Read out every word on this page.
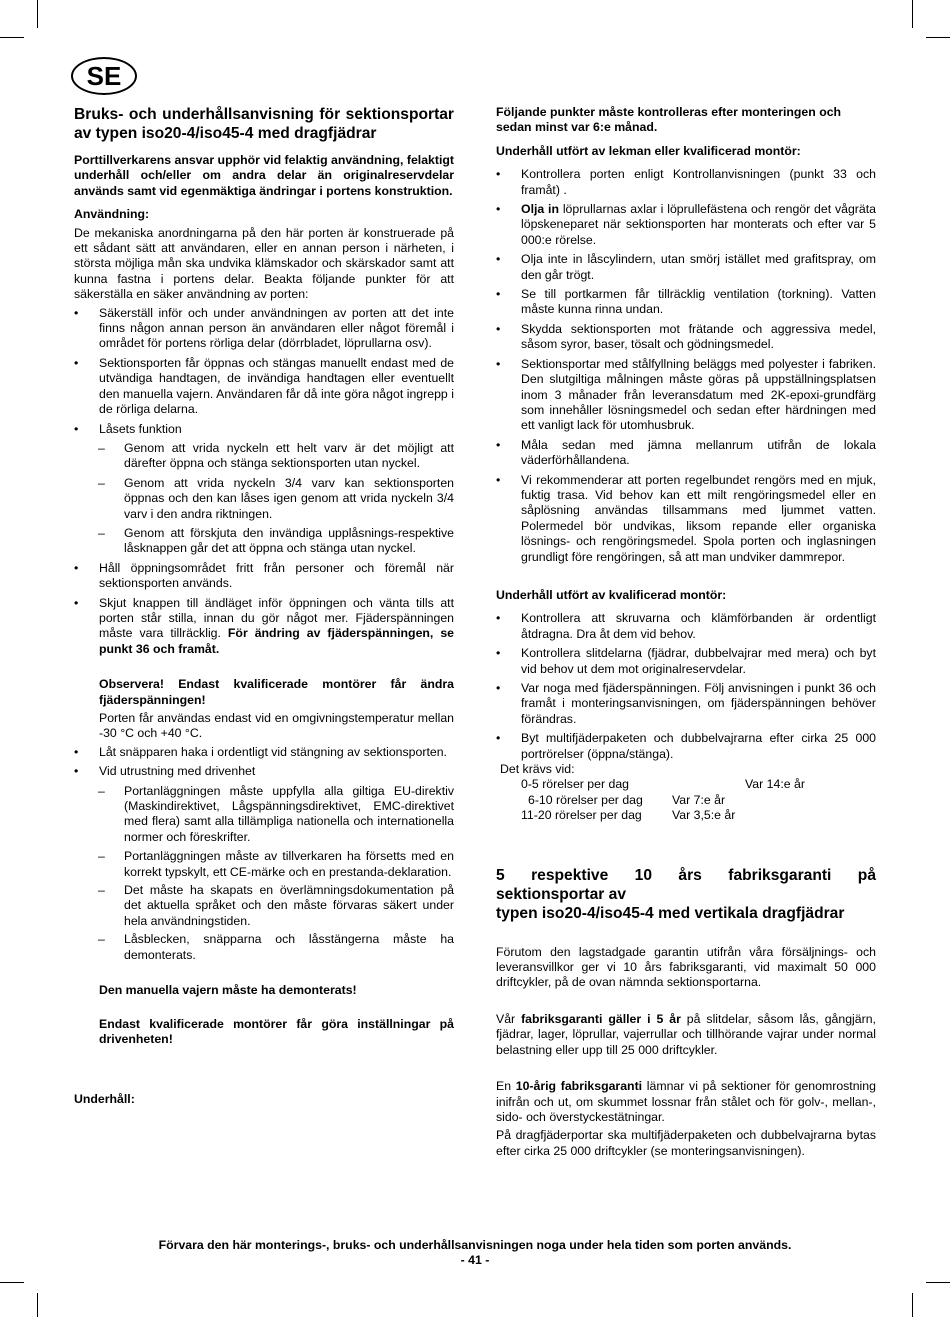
SE

Bruks- och underhållsanvisning för sektionsportar av typen iso20-4/iso45-4 med dragfjädrar

Porttillverkarens ansvar upphör vid felaktig användning, felaktigt underhåll och/eller om andra delar än originalreservdelar används samt vid egenmäktiga ändringar i portens konstruktion.

Användning:

De mekaniska anordningarna på den här porten är konstruerade på ett sådant sätt att användaren, eller en annan person i närheten, i största möjliga mån ska undvika klämskador och skärskador samt att kunna fastna i portens delar. Beakta följande punkter för att säkerställa en säker användning av porten:

• Säkerställ inför och under användningen av porten att det inte finns någon annan person än användaren eller något föremål i området för portens rörliga delar (dörrbladet, löprullarna osv).

• Sektionsporten får öppnas och stängas manuellt endast med de utvändiga handtagen, de invändiga handtagen eller eventuellt den manuella vajern. Användaren får då inte göra något ingrepp i de rörliga delarna.

• Låsets funktion

– Genom att vrida nyckeln ett helt varv är det möjligt att därefter öppna och stänga sektionsporten utan nyckel.

– Genom att vrida nyckeln 3/4 varv kan sektionsporten öppnas och den kan låses igen genom att vrida nyckeln 3/4 varv i den andra riktningen.

– Genom att förskjuta den invändiga upplåsnings-respektive låsknappen går det att öppna och stänga utan nyckel.

• Håll öppningsområdet fritt från personer och föremål när sektionsporten används.

• Skjut knappen till ändläget inför öppningen och vänta tills att porten står stilla, innan du gör något mer. Fjäderspänningen måste vara tillräcklig. För ändring av fjäderspänningen, se punkt 36 och framåt.

Observera! Endast kvalificerade montörer får ändra fjäderspänningen!

Porten får användas endast vid en omgivningstemperatur mellan -30 °C och +40 °C.

• Låt snäpparen haka i ordentligt vid stängning av sektionsporten.

• Vid utrustning med drivenhet

– Portanläggningen måste uppfylla alla giltiga EU-direktiv (Maskindirektivet, Lågspänningsdirektivet, EMC-direktivet med flera) samt alla tillämpliga nationella och internationella normer och föreskrifter.

– Portanläggningen måste av tillverkaren ha försetts med en korrekt typskylt, ett CE-märke och en prestanda-deklaration.

– Det måste ha skapats en överlämningsdokumentation på det aktuella språket och den måste förvaras säkert under hela användningstiden.

– Låsblecken, snäpparna och låsstängerna måste ha demonterats.

Den manuella vajern måste ha demonterats!

Endast kvalificerade montörer får göra inställningar på drivenheten!

Underhåll:

Följande punkter måste kontrolleras efter monteringen och sedan minst var 6:e månad.

Underhåll utfört av lekman eller kvalificerad montör:

• Kontrollera porten enligt Kontrollanvisningen (punkt 33 och framåt) .

• Olja in löprullarnas axlar i löprullefästena och rengör det vågräta löpskeneparet när sektionsporten har monterats och efter var 5 000:e rörelse.

• Olja inte in låscylindern, utan smörj istället med grafitspray, om den går trögt.

• Se till portkarmen får tillräcklig ventilation (torkning). Vatten måste kunna rinna undan.

• Skydda sektionsporten mot frätande och aggressiva medel, såsom syror, baser, tösalt och gödningsmedel.

• Sektionsportar med stålfyllning beläggs med polyester i fabriken. Den slutgiltiga målningen måste göras på uppställningsplatsen inom 3 månader från leveransdatum med 2K-epoxi-grundfärg som innehåller lösningsmedel och sedan efter härdningen med ett vanligt lack för utomhusbruk.

• Måla sedan med jämna mellanrum utifrån de lokala väderförhållandena.

• Vi rekommenderar att porten regelbundet rengörs med en mjuk, fuktig trasa. Vid behov kan ett milt rengöringsmedel eller en såplösning användas tillsammans med ljummet vatten. Polermedel bör undvikas, liksom repande eller organiska lösnings- och rengöringsmedel. Spola porten och inglasningen grundligt före rengöringen, så att man undviker dammrepor.

Underhåll utfört av kvalificerad montör:

• Kontrollera att skruvarna och klämförbanden är ordentligt åtdragna. Dra åt dem vid behov.

• Kontrollera slitdelarna (fjädrar, dubbelvajrar med mera) och byt vid behov ut dem mot originalreservdelar.

• Var noga med fjäderspänningen. Följ anvisningen i punkt 36 och framåt i monteringsanvisningen, om fjäderspänningen behöver förändras.

• Byt multifjäderpaketen och dubbelvajrarna efter cirka 25 000 portrörelser (öppna/stänga).

Det krävs vid:

0-5 rörelser per dag	Var 14:e år
6-10 rörelser per dag	Var 7:e år
11-20 rörelser per dag	Var 3,5:e år

5 respektive 10 års fabriksgaranti på sektionsportar av

typen iso20-4/iso45-4 med vertikala dragfjädrar

Förutom den lagstadgade garantin utifrån våra försäljnings- och leveransvillkor ger vi 10 års fabriksgaranti, vid maximalt 50 000 driftcykler, på de ovan nämnda sektionsportarna.

Vår fabriksgaranti gäller i 5 år på slitdelar, såsom lås, gångjärn, fjädrar, lager, löprullar, vajerrullar och tillhörande vajrar under normal belastning eller upp till 25 000 driftcykler.

En 10-årig fabriksgaranti lämnar vi på sektioner för genomrostning inifrån och ut, om skummet lossnar från stålet och för golv-, mellan-, sido- och överstyckestätningar.

På dragfjäderportar ska multifjäderpaketen och dubbelvajrarna bytas efter cirka 25 000 driftcykler (se monteringsanvisningen).

Förvara den här monterings-, bruks- och underhållsanvisningen noga under hela tiden som porten används.

- 41 -
